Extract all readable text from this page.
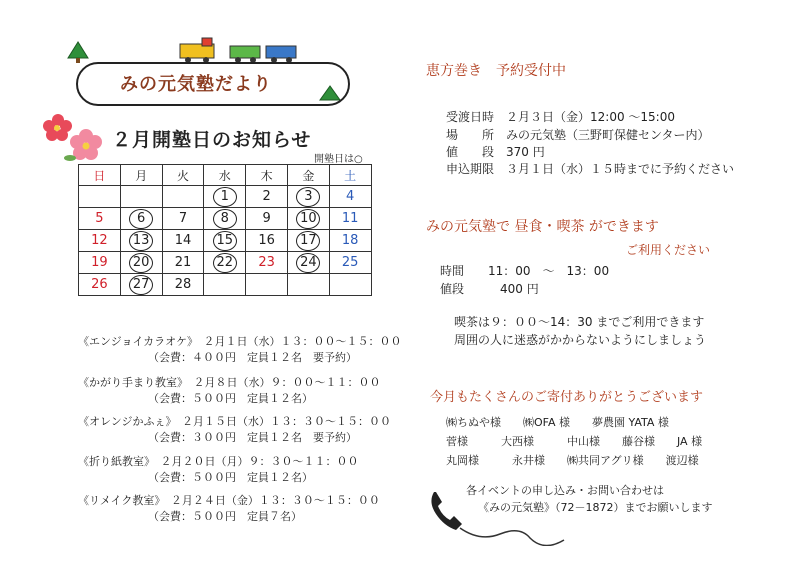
みの元気塾だより
２月開塾日のお知らせ
開塾日は○
日	月	火	水	木	金	土
			1	2	3	4
5	6	7	8	9	10	11
12	13	14	15	16	17	18
19	20	21	22	23	24	25
26	27	28				
《エンジョイカラオケ》　２月１日（水）１３：００～１５：００
（会費：４００円　定員１２名　要予約）
《かがり手まり教室》　２月８日（水）９：００～１１：００
（会費：５００円　定員１２名）
《オレンジかふぇ》　２月１５日（水）１３：３０～１５：００
（会費：３００円　定員１２名　要予約）
《折り紙教室》　２月２０日（月）９：３０～１１：００
（会費：５００円　定員１２名）
《リメイク教室》　２月２４日（金）１３：３０～１５：００
（会費：５００円　定員７名）
恵方巻き　予約受付中
受渡日時　２月３日（金）12:00 ～15:00
場　　所　みの元気塾（三野町保健センター内）
値　　段　370 円
申込期限　３月１日（水）１５時までに予約ください
みの元気塾で 昼食・喫茶 ができます
ご利用ください
時間　　11：00　～　13：00
値段　　　400 円
喫茶は９：００～14：30 までご利用できます
周囲の人に迷惑がかからないようにしましょう
今月もたくさんのご寄付ありがとうございます
㈱ちぬや様　　㈱OFA 様　　夢農園 YATA 様
菅様　　　大西様　　　中山様　　藤谷様　　JA 様
丸岡様　　　永井様　　㈱共同アグリ様　　渡辺様
各イベントの申し込み・お問い合わせは
《みの元気塾》（72－1872）までお願いします
